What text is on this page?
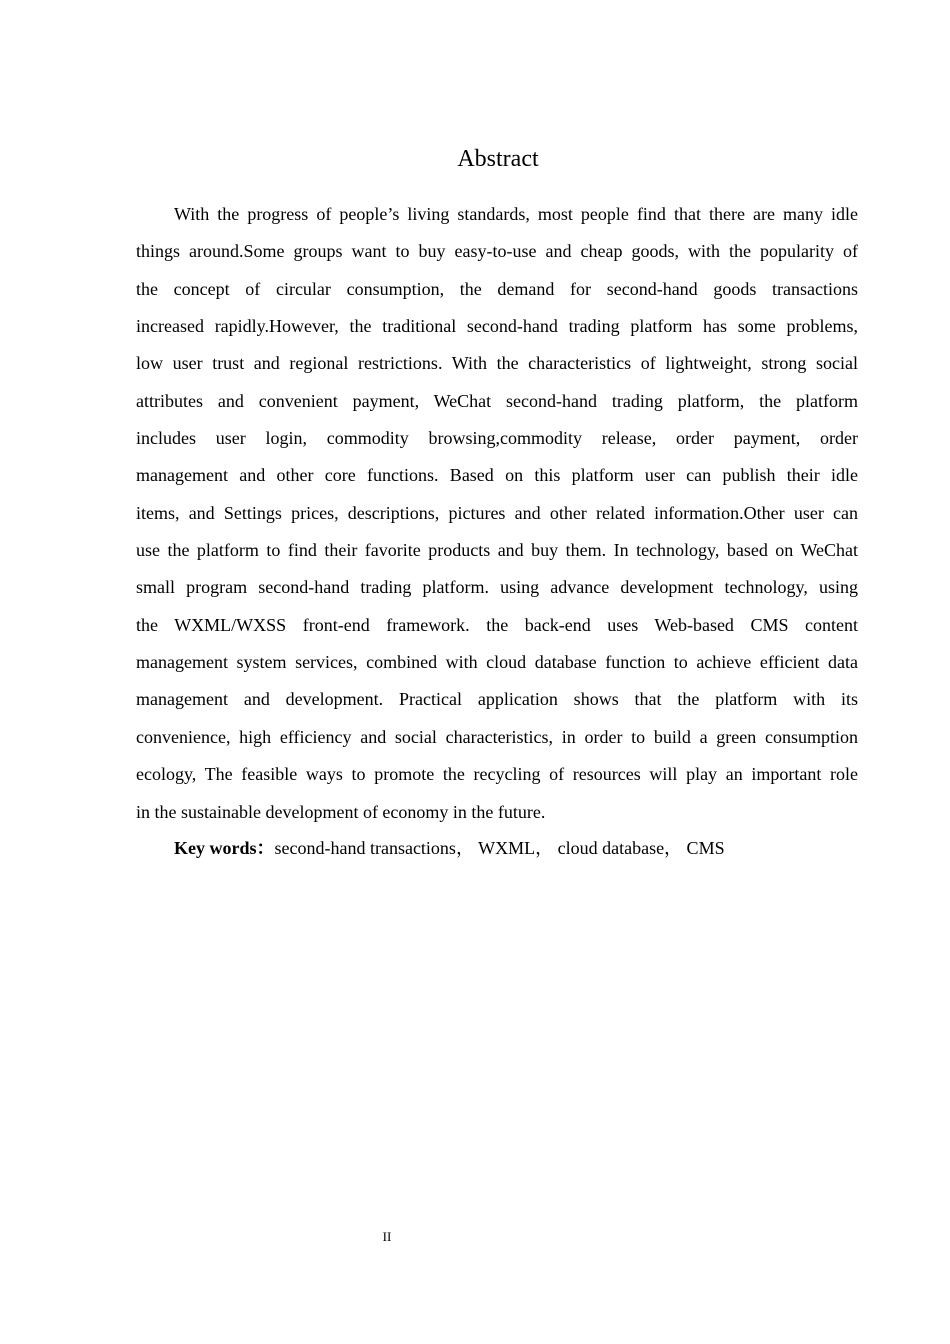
Abstract
With the progress of people’s living standards, most people find that there are many idle
things around.Some groups want to buy easy-to-use and cheap goods, with the popularity of
the concept of circular consumption, the demand for second-hand goods transactions
increased rapidly.However, the traditional second-hand trading platform has some problems,
low user trust and regional restrictions. With the characteristics of lightweight, strong social
attributes and convenient payment, WeChat second-hand trading platform, the platform
includes user login, commodity browsing,commodity release, order payment, order
management and other core functions. Based on this platform user can publish their idle
items, and Settings prices, descriptions, pictures and other related information.Other user can
use the platform to find their favorite products and buy them. In technology, based on WeChat
small program second-hand trading platform. using advance development technology, using
the WXML/WXSS front-end framework. the back-end uses Web-based CMS content
management system services, combined with cloud database function to achieve efficient data
management and development. Practical application shows that the platform with its
convenience, high efficiency and social characteristics, in order to build a green consumption
ecology, The feasible ways to promote the recycling of resources will play an important role
in the sustainable development of economy in the future.
Key words：second-hand transactions， WXML， cloud database， CMS
II
